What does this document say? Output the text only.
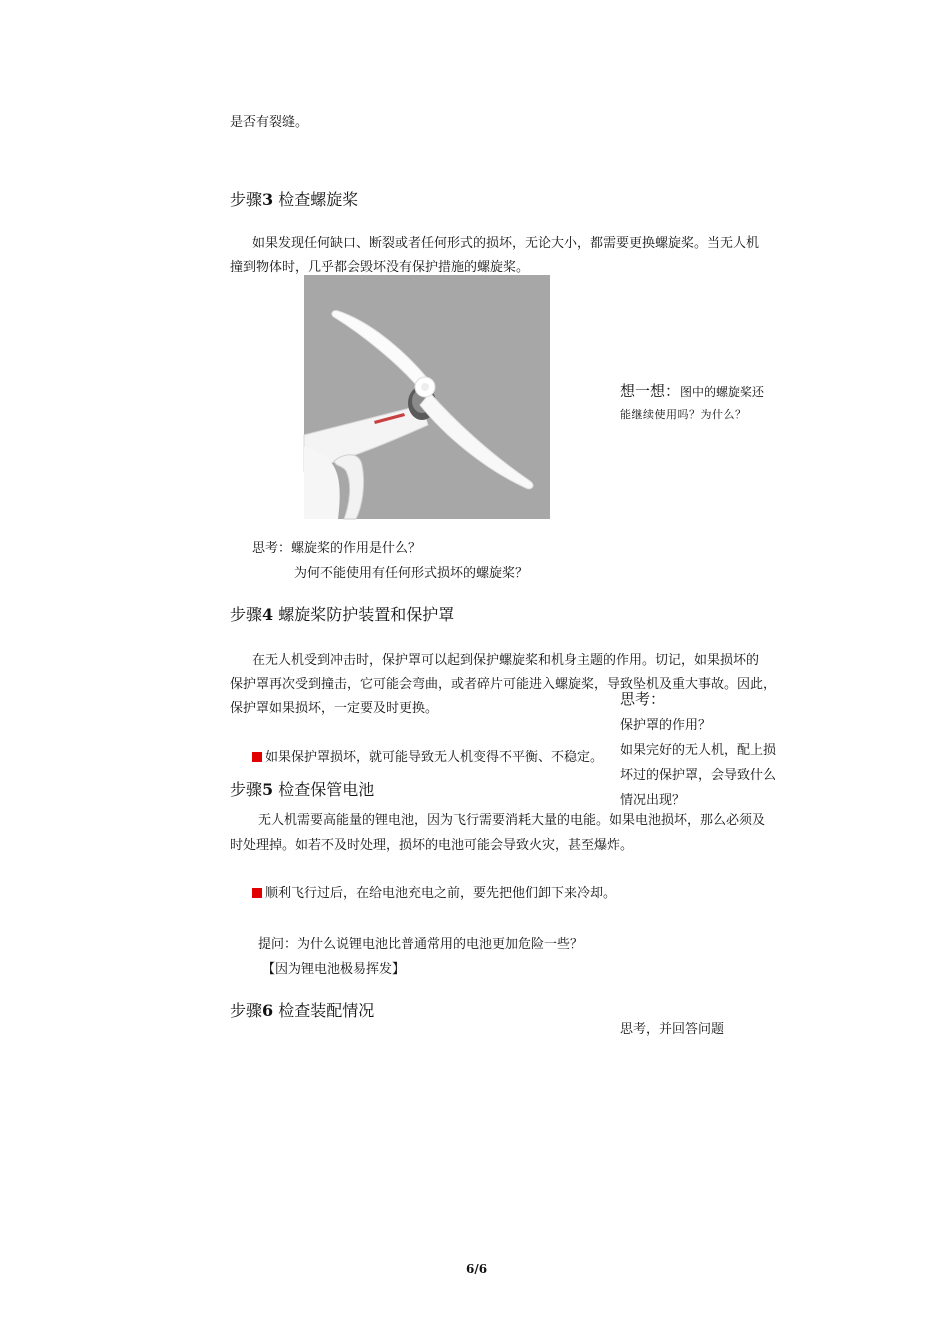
是否有裂缝。
步骤3 检查螺旋桨
如果发现任何缺口、断裂或者任何形式的损坏，无论大小，都需要更换螺旋桨。当无人机
撞到物体时，几乎都会毁坏没有保护措施的螺旋桨。
想一想：图中的螺旋桨还
能继续使用吗？为什么？
思考：螺旋桨的作用是什么？
为何不能使用有任何形式损坏的螺旋桨？
步骤4 螺旋桨防护装置和保护罩
在无人机受到冲击时，保护罩可以起到保护螺旋桨和机身主题的作用。切记，如果损坏的
保护罩再次受到撞击，它可能会弯曲，或者碎片可能进入螺旋桨，导致坠机及重大事故。因此，
保护罩如果损坏，一定要及时更换。
如果保护罩损坏，就可能导致无人机变得不平衡、不稳定。
思考：
保护罩的作用？
如果完好的无人机，配上损
坏过的保护罩，会导致什么
情况出现？
步骤5 检查保管电池
无人机需要高能量的锂电池，因为飞行需要消耗大量的电能。如果电池损坏，那么必须及
时处理掉。如若不及时处理，损坏的电池可能会导致火灾，甚至爆炸。
顺利飞行过后，在给电池充电之前，要先把他们卸下来冷却。
提问：为什么说锂电池比普通常用的电池更加危险一些？
【因为锂电池极易挥发】
步骤6 检查装配情况
思考，并回答问题
6/6
